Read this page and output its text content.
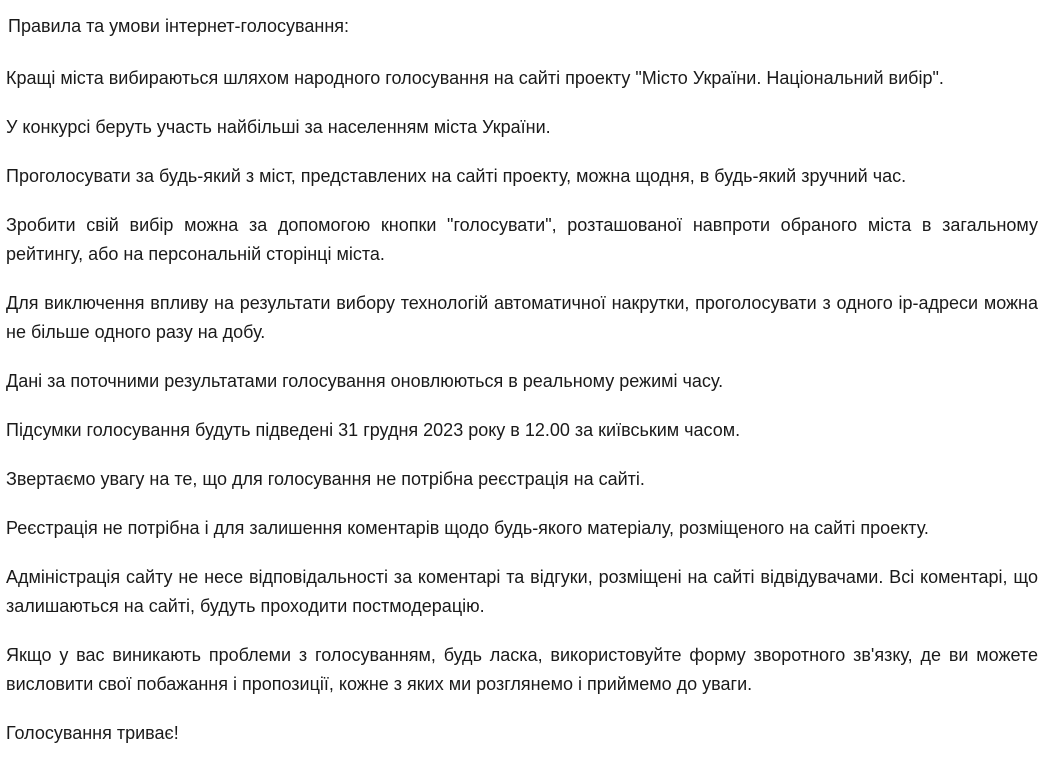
Правила та умови інтернет-голосування:

Кращі міста вибираються шляхом народного голосування на сайті проекту "Місто України. Національний вибір".

У конкурсі беруть участь найбільші за населенням міста України.

Проголосувати за будь-який з міст, представлених на сайті проекту, можна щодня, в будь-який зручний час.

Зробити свій вибір можна за допомогою кнопки "голосувати", розташованої навпроти обраного міста в загальному рейтингу, або на персональній сторінці міста.

Для виключення впливу на результати вибору технологій автоматичної накрутки, проголосувати з одного ір-адреси можна не більше одного разу на добу.

Дані за поточними результатами голосування оновлюються в реальному режимі часу.

Підсумки голосування будуть підведені 31 грудня 2023 року в 12.00 за київським часом.

Звертаємо увагу на те, що для голосування не потрібна реєстрація на сайті.

Реєстрація не потрібна і для залишення коментарів щодо будь-якого матеріалу, розміщеного на сайті проекту.

Адміністрація сайту не несе відповідальності за коментарі та відгуки, розміщені на сайті відвідувачами. Всі коментарі, що залишаються на сайті, будуть проходити постмодерацію.

Якщо у вас виникають проблеми з голосуванням, будь ласка, використовуйте форму зворотного зв'язку, де ви можете висловити свої побажання і пропозиції, кожне з яких ми розглянемо і приймемо до уваги.

Голосування триває!
